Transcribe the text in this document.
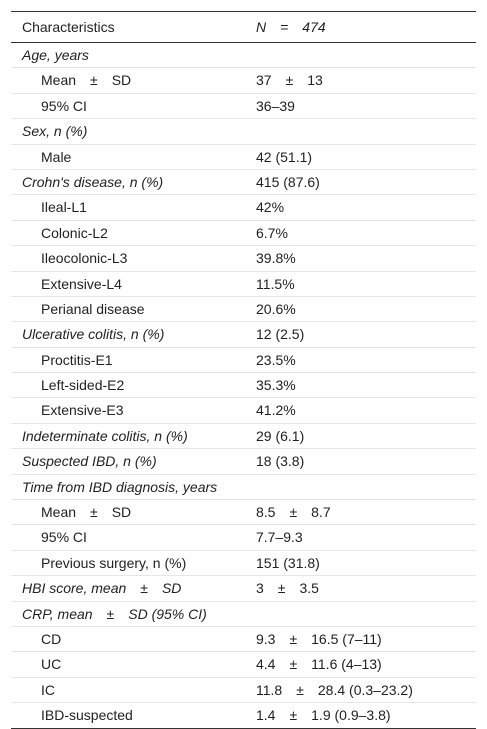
Characteristics	N = 474
Age, years
Mean ± SD	37 ± 13
95% CI	36–39
Sex, n (%)
Male	42 (51.1)
Crohn's disease, n (%)	415 (87.6)
Ileal-L1	42%
Colonic-L2	6.7%
Ileocolonic-L3	39.8%
Extensive-L4	11.5%
Perianal disease	20.6%
Ulcerative colitis, n (%)	12 (2.5)
Proctitis-E1	23.5%
Left-sided-E2	35.3%
Extensive-E3	41.2%
Indeterminate colitis, n (%)	29 (6.1)
Suspected IBD, n (%)	18 (3.8)
Time from IBD diagnosis, years
Mean ± SD	8.5 ± 8.7
95% CI	7.7–9.3
Previous surgery, n (%)	151 (31.8)
HBI score, mean ± SD	3 ± 3.5
CRP, mean ± SD (95% CI)
CD	9.3 ± 16.5 (7–11)
UC	4.4 ± 11.6 (4–13)
IC	11.8 ± 28.4 (0.3–23.2)
IBD-suspected	1.4 ± 1.9 (0.9–3.8)
